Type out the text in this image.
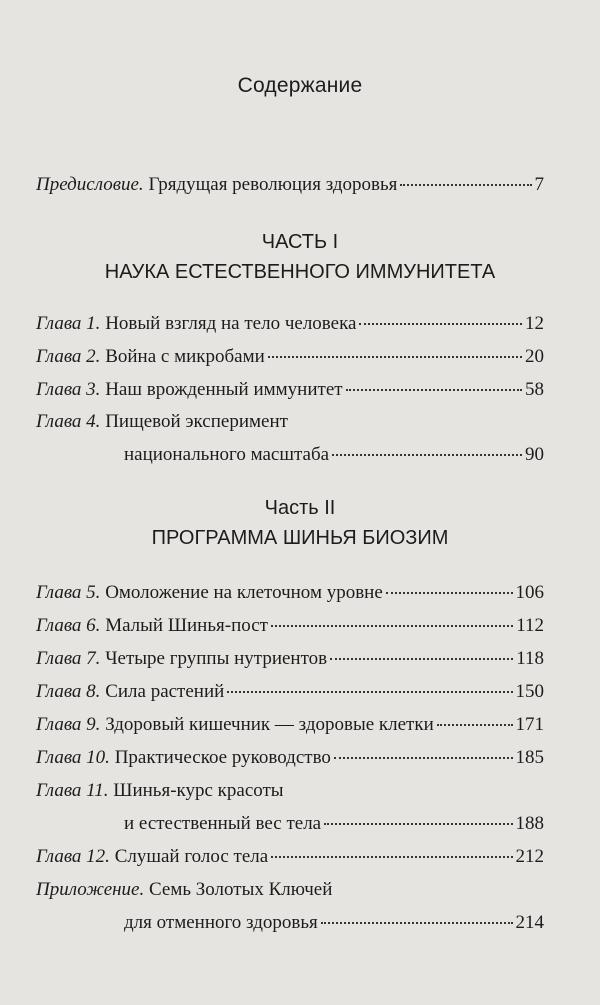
Содержание
Предисловие. Грядущая революция здоровья	7
ЧАСТЬ I
НАУКА ЕСТЕСТВЕННОГО ИММУНИТЕТА
Глава 1. Новый взгляд на тело человека	12
Глава 2. Война с микробами	20
Глава 3. Наш врожденный иммунитет	58
Глава 4. Пищевой эксперимент
национального масштаба	90
Часть II
ПРОГРАММА ШИНЬЯ БИОЗИМ
Глава 5. Омоложение на клеточном уровне	106
Глава 6. Малый Шинья-пост	112
Глава 7. Четыре группы нутриентов	118
Глава 8. Сила растений	150
Глава 9. Здоровый кишечник — здоровые клетки	171
Глава 10. Практическое руководство	185
Глава 11. Шинья-курс красоты
и естественный вес тела	188
Глава 12. Слушай голос тела	212
Приложение. Семь Золотых Ключей
для отменного здоровья	214
